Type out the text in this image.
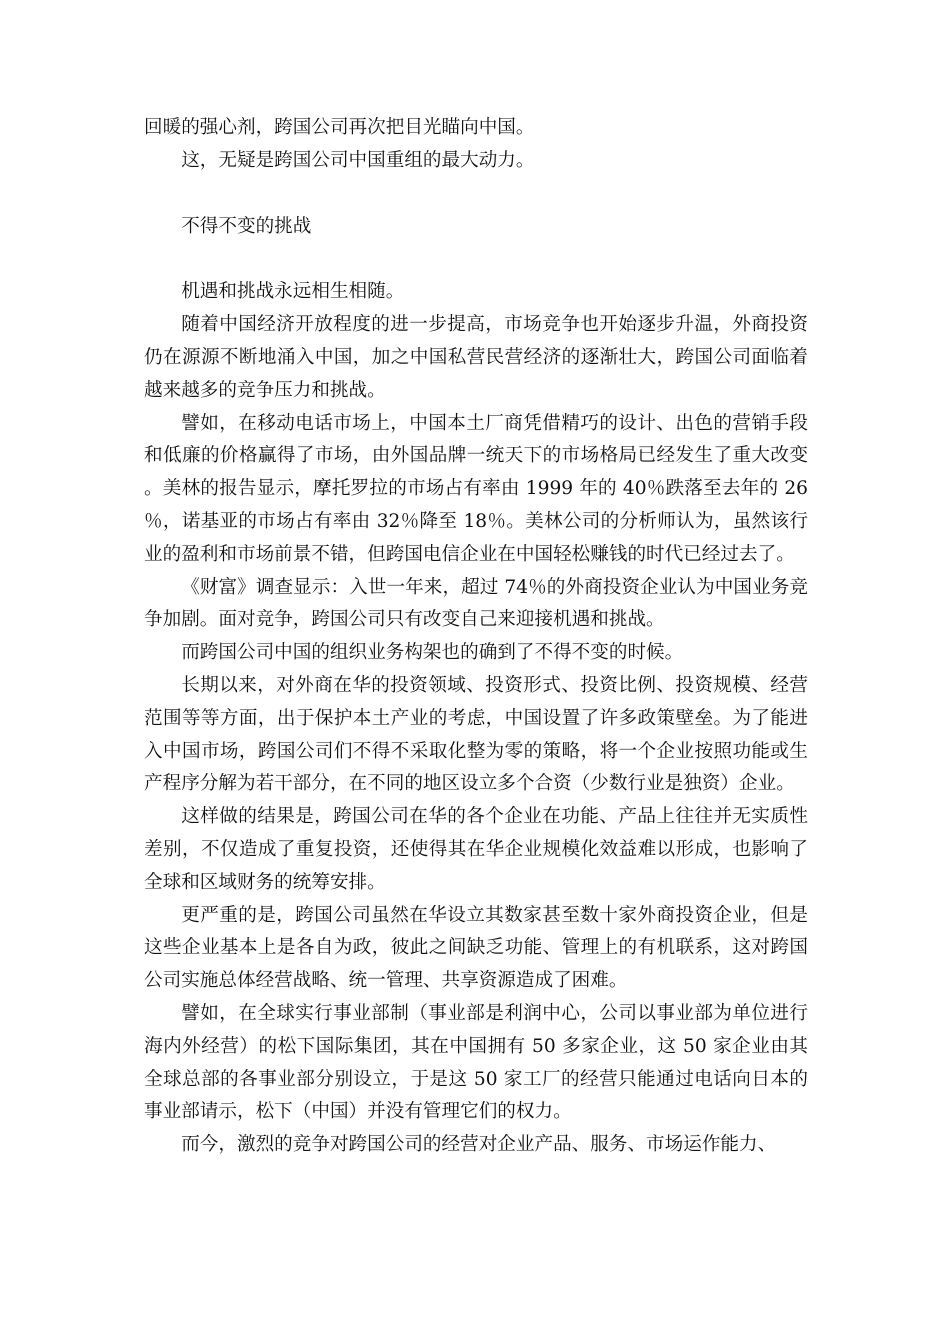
回暖的强心剂，跨国公司再次把目光瞄向中国。

这，无疑是跨国公司中国重组的最大动力。

不得不变的挑战

机遇和挑战永远相生相随。

随着中国经济开放程度的进一步提高，市场竞争也开始逐步升温，外商投资仍在源源不断地涌入中国，加之中国私营民营经济的逐渐壮大，跨国公司面临着越来越多的竞争压力和挑战。

譬如，在移动电话市场上，中国本土厂商凭借精巧的设计、出色的营销手段和低廉的价格赢得了市场，由外国品牌一统天下的市场格局已经发生了重大改变。美林的报告显示，摩托罗拉的市场占有率由 1999 年的 40％跌落至去年的 26％，诺基亚的市场占有率由 32％降至 18％。美林公司的分析师认为，虽然该行业的盈利和市场前景不错，但跨国电信企业在中国轻松赚钱的时代已经过去了。

《财富》调查显示：入世一年来，超过 74％的外商投资企业认为中国业务竞争加剧。面对竞争，跨国公司只有改变自己来迎接机遇和挑战。

而跨国公司中国的组织业务构架也的确到了不得不变的时候。

长期以来，对外商在华的投资领域、投资形式、投资比例、投资规模、经营范围等等方面，出于保护本土产业的考虑，中国设置了许多政策壁垒。为了能进入中国市场，跨国公司们不得不采取化整为零的策略，将一个企业按照功能或生产程序分解为若干部分，在不同的地区设立多个合资（少数行业是独资）企业。

这样做的结果是，跨国公司在华的各个企业在功能、产品上往往并无实质性差别，不仅造成了重复投资，还使得其在华企业规模化效益难以形成，也影响了全球和区域财务的统筹安排。

更严重的是，跨国公司虽然在华设立其数家甚至数十家外商投资企业，但是这些企业基本上是各自为政，彼此之间缺乏功能、管理上的有机联系，这对跨国公司实施总体经营战略、统一管理、共享资源造成了困难。

譬如，在全球实行事业部制（事业部是利润中心，公司以事业部为单位进行海内外经营）的松下国际集团，其在中国拥有 50 多家企业，这 50 家企业由其全球总部的各事业部分别设立，于是这 50 家工厂的经营只能通过电话向日本的事业部请示，松下（中国）并没有管理它们的权力。

而今，激烈的竞争对跨国公司的经营对企业产品、服务、市场运作能力、
